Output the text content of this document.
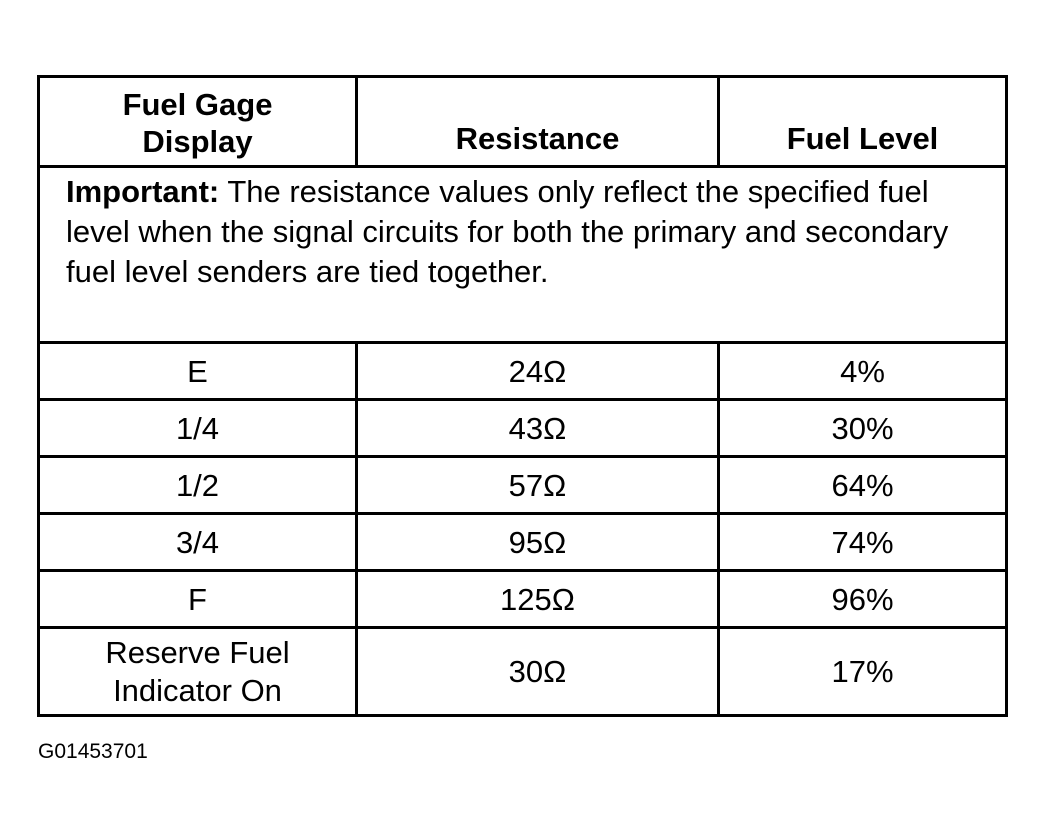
Fuel Gage
Display	Resistance	Fuel Level
Important: The resistance values only reflect the specified fuel level when the signal circuits for both the primary and secondary fuel level senders are tied together.		
E	24Ω	4%
1/4	43Ω	30%
1/2	57Ω	64%
3/4	95Ω	74%
F	125Ω	96%

Reserve Fuel
Indicator On	30Ω	17%
G01453701
